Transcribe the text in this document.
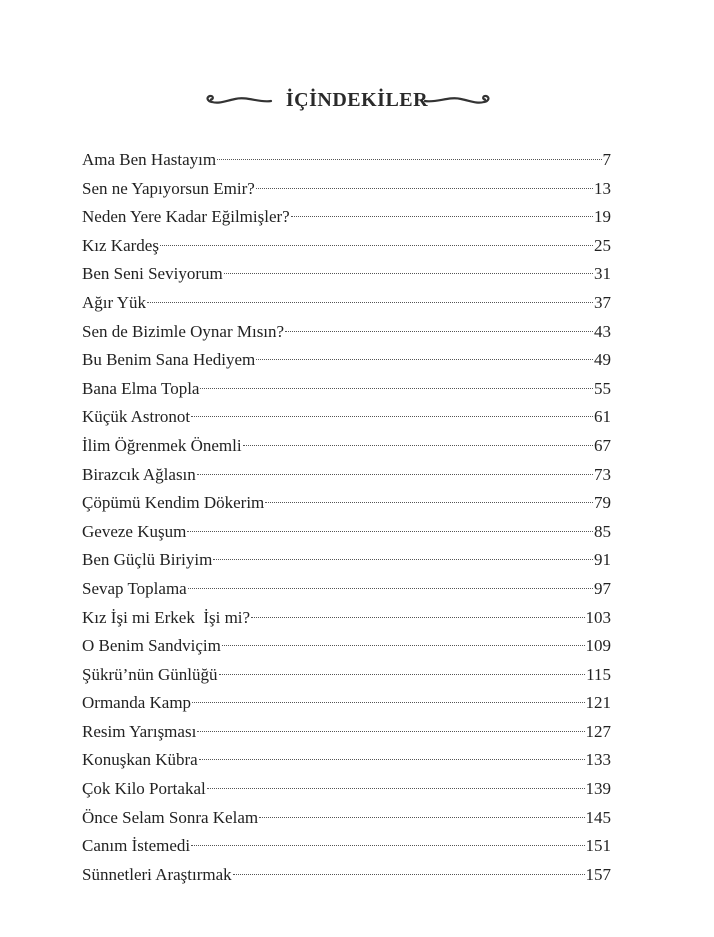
İÇİNDEKİLER
Ama Ben Hastayım	7
Sen ne Yapıyorsun Emir?	13
Neden Yere Kadar Eğilmişler?	19
Kız Kardeş	25
Ben Seni Seviyorum	31
Ağır Yük	37
Sen de Bizimle Oynar Mısın?	43
Bu Benim Sana Hediyem	49
Bana Elma Topla	55
Küçük Astronot	61
İlim Öğrenmek Önemli	67
Birazcık Ağlasın	73
Çöpümü Kendim Dökerim	79
Geveze Kuşum	85
Ben Güçlü Biriyim	91
Sevap Toplama	97
Kız İşi mi Erkek  İşi mi?	103
O Benim Sandviçim	109
Şükrü’nün Günlüğü	115
Ormanda Kamp	121
Resim Yarışması	127
Konuşkan Kübra	133
Çok Kilo Portakal	139
Önce Selam Sonra Kelam	145
Canım İstemedi	151
Sünnetleri Araştırmak	157
